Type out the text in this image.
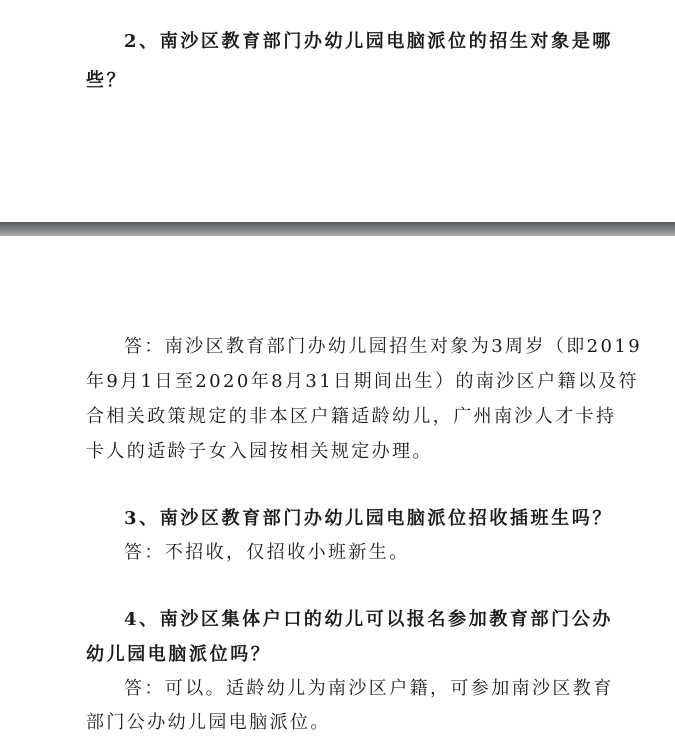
2、南沙区教育部门办幼儿园电脑派位的招生对象是哪
些？
答：南沙区教育部门办幼儿园招生对象为3周岁（即2019
年9月1日至2020年8月31日期间出生）的南沙区户籍以及符
合相关政策规定的非本区户籍适龄幼儿，广州南沙人才卡持
卡人的适龄子女入园按相关规定办理。
3、南沙区教育部门办幼儿园电脑派位招收插班生吗？
答：不招收，仅招收小班新生。
4、南沙区集体户口的幼儿可以报名参加教育部门公办
幼儿园电脑派位吗？
答：可以。适龄幼儿为南沙区户籍，可参加南沙区教育
部门公办幼儿园电脑派位。
